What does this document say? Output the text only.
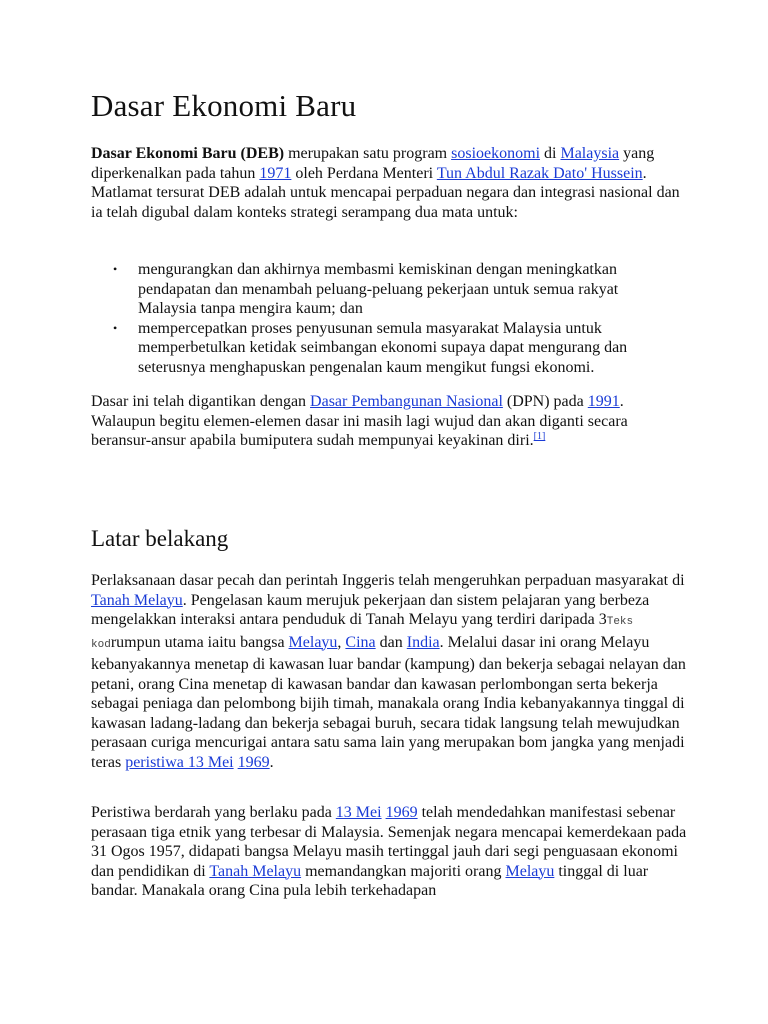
Dasar Ekonomi Baru

Dasar Ekonomi Baru (DEB) merupakan satu program sosioekonomi di Malaysia yang diperkenalkan pada tahun 1971 oleh Perdana Menteri Tun Abdul Razak Dato' Hussein. Matlamat tersurat DEB adalah untuk mencapai perpaduan negara dan integrasi nasional dan ia telah digubal dalam konteks strategi serampang dua mata untuk:

• mengurangkan dan akhirnya membasmi kemiskinan dengan meningkatkan pendapatan dan menambah peluang-peluang pekerjaan untuk semua rakyat Malaysia tanpa mengira kaum; dan
• mempercepatkan proses penyusunan semula masyarakat Malaysia untuk memperbetulkan ketidak seimbangan ekonomi supaya dapat mengurang dan seterusnya menghapuskan pengenalan kaum mengikut fungsi ekonomi.

Dasar ini telah digantikan dengan Dasar Pembangunan Nasional (DPN) pada 1991. Walaupun begitu elemen-elemen dasar ini masih lagi wujud dan akan diganti secara beransur-ansur apabila bumiputera sudah mempunyai keyakinan diri.[1]

Latar belakang

Perlaksanaan dasar pecah dan perintah Inggeris telah mengeruhkan perpaduan masyarakat di Tanah Melayu. Pengelasan kaum merujuk pekerjaan dan sistem pelajaran yang berbeza mengelakkan interaksi antara penduduk di Tanah Melayu yang terdiri daripada 3Teks kodrumpun utama iaitu bangsa Melayu, Cina dan India. Melalui dasar ini orang Melayu kebanyakannya menetap di kawasan luar bandar (kampung) dan bekerja sebagai nelayan dan petani, orang Cina menetap di kawasan bandar dan kawasan perlombongan serta bekerja sebagai peniaga dan pelombong bijih timah, manakala orang India kebanyakannya tinggal di kawasan ladang-ladang dan bekerja sebagai buruh, secara tidak langsung telah mewujudkan perasaan curiga mencurigai antara satu sama lain yang merupakan bom jangka yang menjadi teras peristiwa 13 Mei 1969.

Peristiwa berdarah yang berlaku pada 13 Mei 1969 telah mendedahkan manifestasi sebenar perasaan tiga etnik yang terbesar di Malaysia. Semenjak negara mencapai kemerdekaan pada 31 Ogos 1957, didapati bangsa Melayu masih tertinggal jauh dari segi penguasaan ekonomi dan pendidikan di Tanah Melayu memandangkan majoriti orang Melayu tinggal di luar bandar. Manakala orang Cina pula lebih terkehadapan
